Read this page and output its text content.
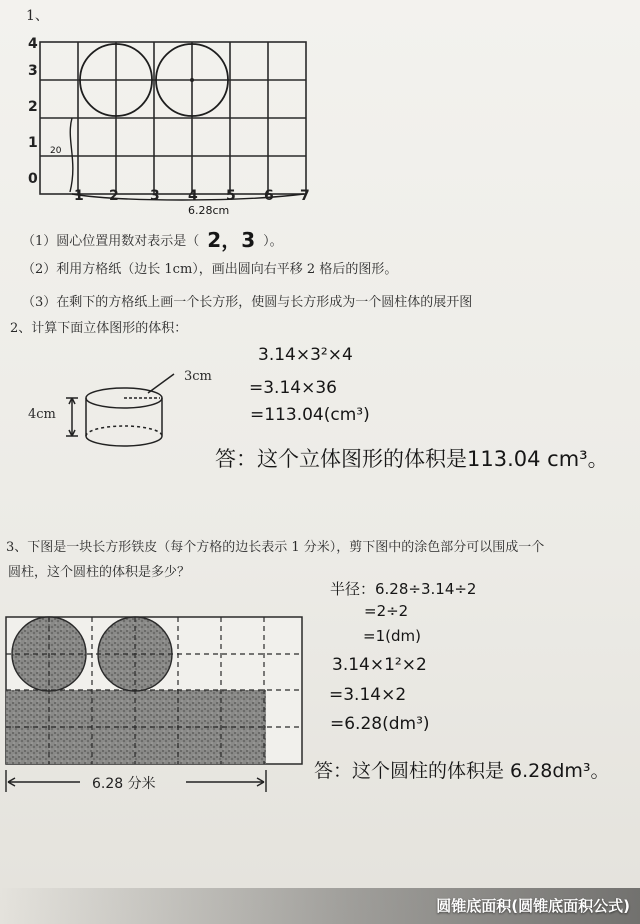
1、
0
1
2
3
4
1 2 3 4 5 6 7
20
6.28cm
（1）圆心位置用数对表示是（ 2，3 ）。
（2）利用方格纸（边长 1cm），画出圆向右平移 2 格后的图形。
（3）在剩下的方格纸上画一个长方形，使圆与长方形成为一个圆柱体的展开图
2、计算下面立体图形的体积：
3cm
4cm
3.14×3²×4
=3.14×36
=113.04(cm³)
答：这个立体图形的体积是113.04 cm³。
3、下图是一块长方形铁皮（每个方格的边长表示 1 分米），剪下图中的涂色部分可以围成一个
圆柱，这个圆柱的体积是多少？
6.28 分米
半径：6.28÷3.14÷2
=2÷2
=1(dm)
3.14×1²×2
=3.14×2
=6.28(dm³)
答：这个圆柱的体积是 6.28dm³。
圆锥底面积(圆锥底面积公式)
